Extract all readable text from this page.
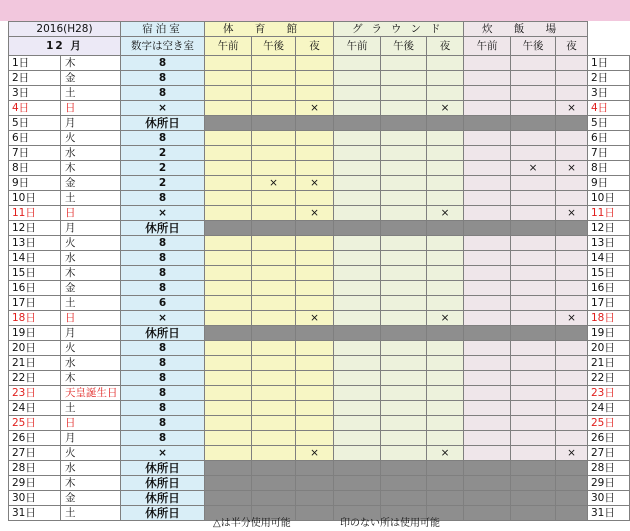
2016(H28)		宿泊室	体 育 館			グラウンド			炊 飯 場			
12 月		数字は空き室	午前	午後	夜	午前	午後	夜	午前	午後	夜	
1日	木	8										1日
2日	金	8										2日
3日	土	8										3日
4日	日	×			×			×			×	4日
5日	月	休所日										5日
6日	火	8										6日
7日	水	2										7日
8日	木	2								×	×	8日
9日	金	2		×	×							9日
10日	土	8										10日
11日	日	×			×			×			×	11日
12日	月	休所日										12日
13日	火	8										13日
14日	水	8										14日
15日	木	8										15日
16日	金	8										16日
17日	土	6										17日
18日	日	×			×			×			×	18日
19日	月	休所日										19日
20日	火	8										20日
21日	水	8										21日
22日	木	8										22日
23日	天皇誕生日	8										23日
24日	土	8										24日
25日	日	8										25日
26日	月	8										26日
27日	火	×			×			×			×	27日
28日	水	休所日										28日
29日	木	休所日										29日
30日	金	休所日										30日
31日	土	休所日										31日
△は半分使用可能	印のない所は使用可能
